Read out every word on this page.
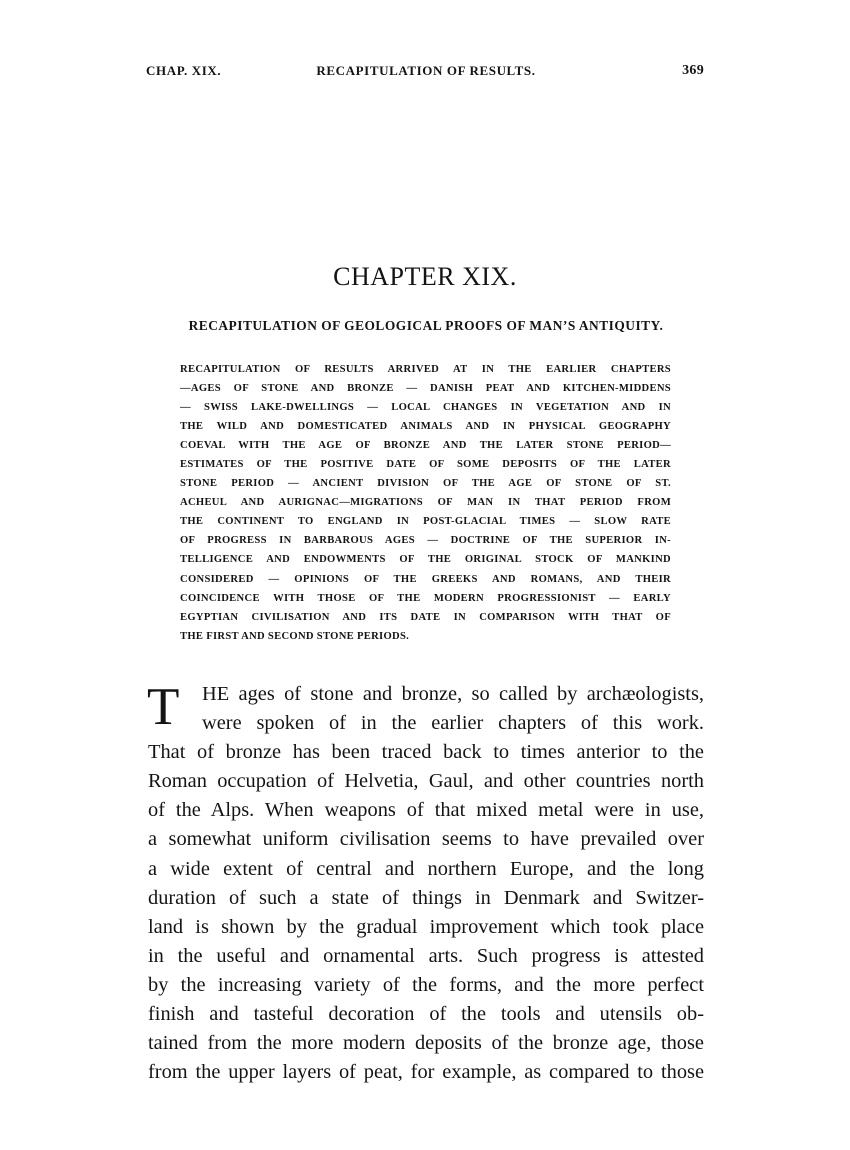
CHAP. XIX.	RECAPITULATION OF RESULTS.	369
CHAPTER XIX.
RECAPITULATION OF GEOLOGICAL PROOFS OF MAN’S ANTIQUITY.
RECAPITULATION OF RESULTS ARRIVED AT IN THE EARLIER CHAPTERS
—AGES OF STONE AND BRONZE — DANISH PEAT AND KITCHEN-MIDDENS
— SWISS LAKE-DWELLINGS — LOCAL CHANGES IN VEGETATION AND IN
THE WILD AND DOMESTICATED ANIMALS AND IN PHYSICAL GEOGRAPHY
COEVAL WITH THE AGE OF BRONZE AND THE LATER STONE PERIOD—
ESTIMATES OF THE POSITIVE DATE OF SOME DEPOSITS OF THE LATER
STONE PERIOD — ANCIENT DIVISION OF THE AGE OF STONE OF ST.
ACHEUL AND AURIGNAC—MIGRATIONS OF MAN IN THAT PERIOD FROM
THE CONTINENT TO ENGLAND IN POST-GLACIAL TIMES — SLOW RATE
OF PROGRESS IN BARBAROUS AGES — DOCTRINE OF THE SUPERIOR IN-
TELLIGENCE AND ENDOWMENTS OF THE ORIGINAL STOCK OF MANKIND
CONSIDERED — OPINIONS OF THE GREEKS AND ROMANS, AND THEIR
COINCIDENCE WITH THOSE OF THE MODERN PROGRESSIONIST — EARLY
EGYPTIAN CIVILISATION AND ITS DATE IN COMPARISON WITH THAT OF
THE FIRST AND SECOND STONE PERIODS.
T	HE ages of stone and bronze, so called by archæologists,
were spoken of in the earlier chapters of this work.
That of bronze has been traced back to times anterior to the
Roman occupation of Helvetia, Gaul, and other countries north
of the Alps. When weapons of that mixed metal were in use,
a somewhat uniform civilisation seems to have prevailed over
a wide extent of central and northern Europe, and the long
duration of such a state of things in Denmark and Switzer-
land is shown by the gradual improvement which took place
in the useful and ornamental arts. Such progress is attested
by the increasing variety of the forms, and the more perfect
finish and tasteful decoration of the tools and utensils ob-
tained from the more modern deposits of the bronze age, those
from the upper layers of peat, for example, as compared to those
